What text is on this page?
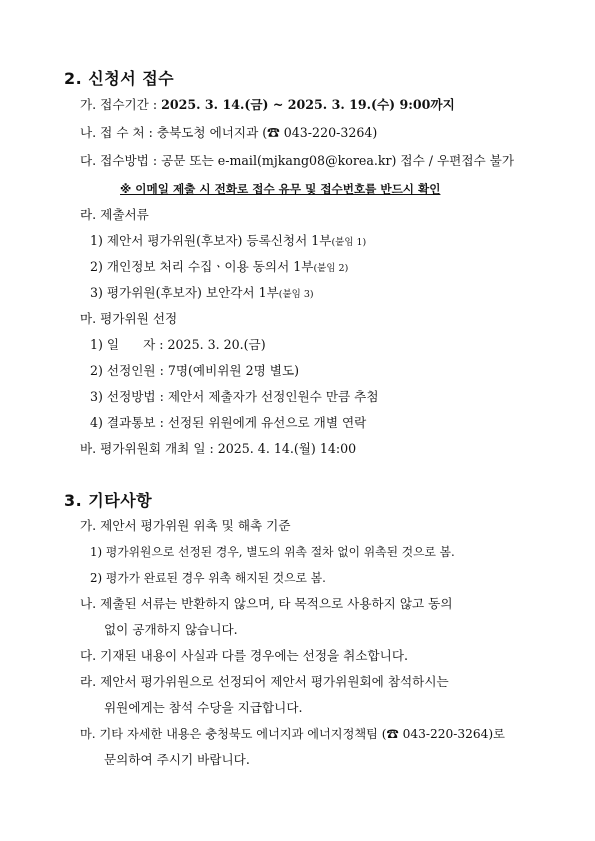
2. 신청서 접수
가. 접수기간 : 2025. 3. 14.(금) ~ 2025. 3. 19.(수) 9:00까지
나. 접 수 처 : 충북도청 에너지과 (☎ 043-220-3264)
다. 접수방법 : 공문 또는 e-mail(mjkang08@korea.kr) 접수 / 우편접수 불가
※ 이메일 제출 시 전화로 접수 유무 및 접수번호를 반드시 확인
라. 제출서류
1) 제안서 평가위원(후보자) 등록신청서 1부(붙임 1)
2) 개인정보 처리 수집ㆍ이용 동의서 1부(붙임 2)
3) 평가위원(후보자) 보안각서 1부(붙임 3)
마. 평가위원 선정
1) 일      자 : 2025. 3. 20.(금)
2) 선정인원 : 7명(예비위원 2명 별도)
3) 선정방법 : 제안서 제출자가 선정인원수 만큼 추첨
4) 결과통보 : 선정된 위원에게 유선으로 개별 연락
바. 평가위원회 개최 일 : 2025. 4. 14.(월) 14:00
3. 기타사항
가. 제안서 평가위원 위촉 및 해촉 기준
1) 평가위원으로 선정된 경우, 별도의 위촉 절차 없이 위촉된 것으로 봄.
2) 평가가 완료된 경우 위촉 해지된 것으로 봄.
나. 제출된 서류는 반환하지 않으며, 타 목적으로 사용하지 않고 동의
없이 공개하지 않습니다.
다. 기재된 내용이 사실과 다를 경우에는 선정을 취소합니다.
라. 제안서 평가위원으로 선정되어 제안서 평가위원회에 참석하시는
위원에게는 참석 수당을 지급합니다.
마. 기타 자세한 내용은 충청북도 에너지과 에너지정책팀 (☎ 043-220-3264)로
문의하여 주시기 바랍니다.
